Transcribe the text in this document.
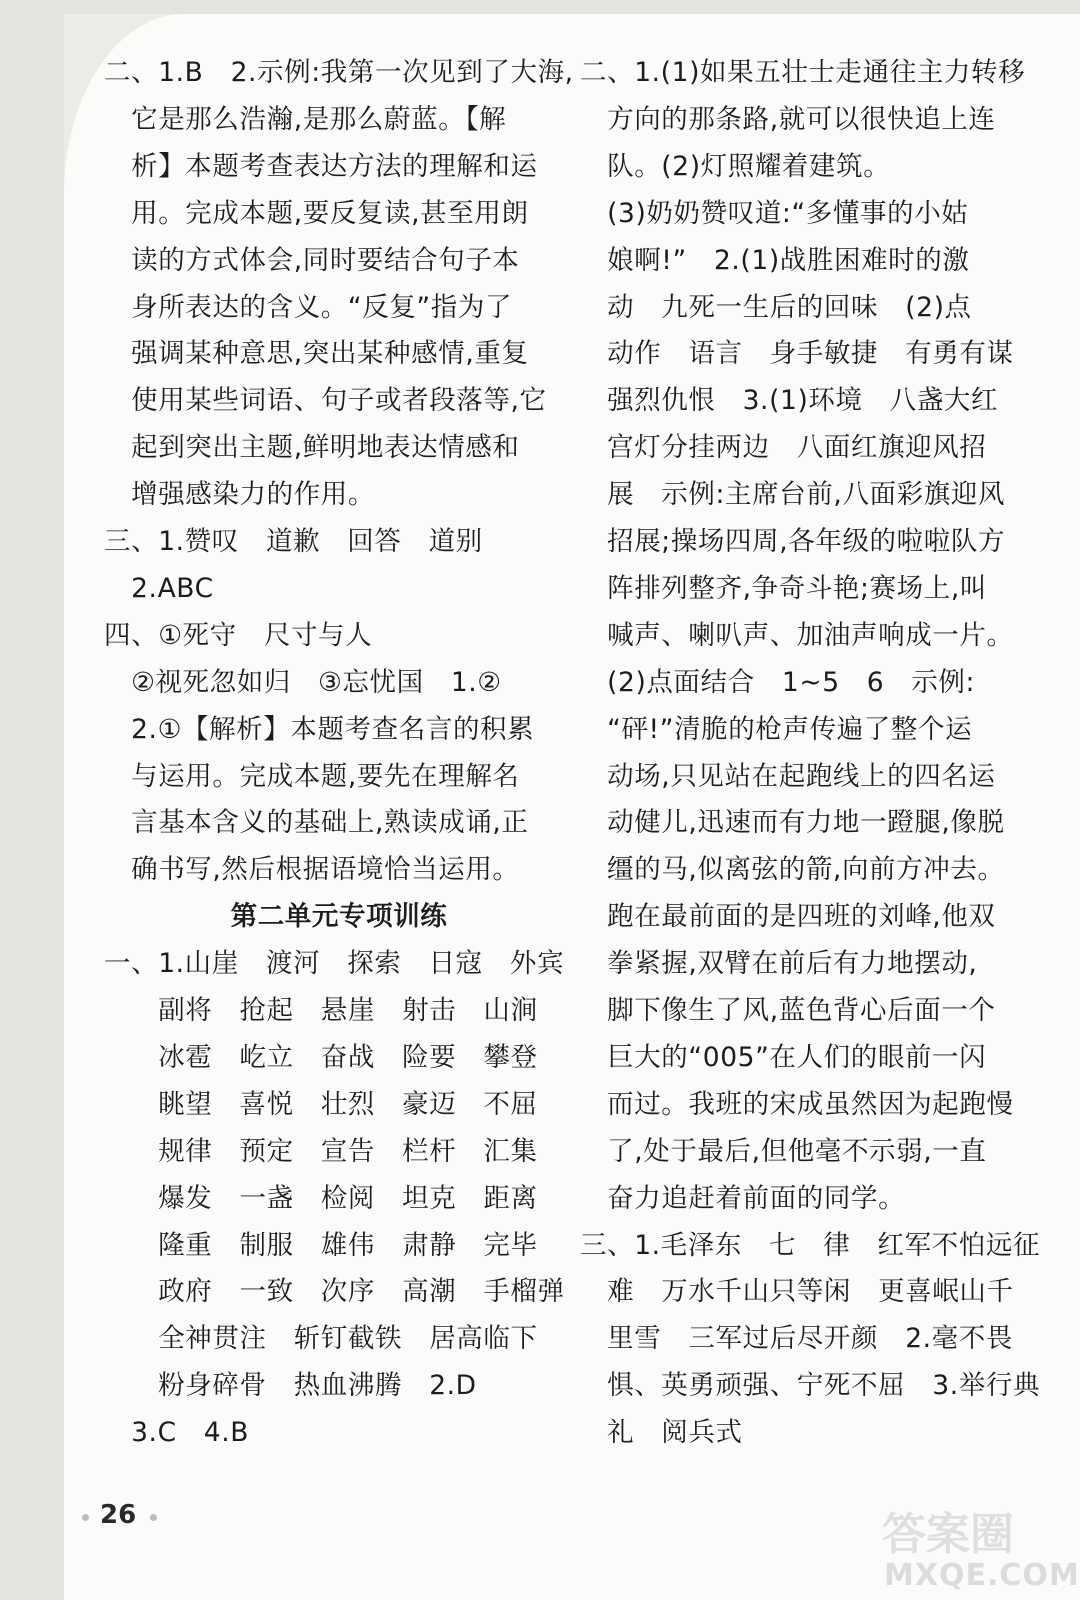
二、1.B　2.示例:我第一次见到了大海,
　它是那么浩瀚,是那么蔚蓝。【解
　析】本题考查表达方法的理解和运
　用。完成本题,要反复读,甚至用朗
　读的方式体会,同时要结合句子本
　身所表达的含义。“反复”指为了
　强调某种意思,突出某种感情,重复
　使用某些词语、句子或者段落等,它
　起到突出主题,鲜明地表达情感和
　增强感染力的作用。
三、1.赞叹　道歉　回答　道别
　2.ABC
四、①死守　尺寸与人
　②视死忽如归　③忘忧国　1.②
　2.①【解析】本题考查名言的积累
　与运用。完成本题,要先在理解名
　言基本含义的基础上,熟读成诵,正
　确书写,然后根据语境恰当运用。
第二单元专项训练
一、1.山崖　渡河　探索　日寇　外宾
　　副将　抢起　悬崖　射击　山涧
　　冰雹　屹立　奋战　险要　攀登
　　眺望　喜悦　壮烈　豪迈　不屈
　　规律　预定　宣告　栏杆　汇集
　　爆发　一盏　检阅　坦克　距离
　　隆重　制服　雄伟　肃静　完毕
　　政府　一致　次序　高潮　手榴弹
　　全神贯注　斩钉截铁　居高临下
　　粉身碎骨　热血沸腾　2.D
　3.C　4.B
二、1.(1)如果五壮士走通往主力转移
　方向的那条路,就可以很快追上连
　队。(2)灯照耀着建筑。
　(3)奶奶赞叹道:“多懂事的小姑
　娘啊!”　2.(1)战胜困难时的激
　动　九死一生后的回味　(2)点
　动作　语言　身手敏捷　有勇有谋
　强烈仇恨　3.(1)环境　八盏大红
　宫灯分挂两边　八面红旗迎风招
　展　示例:主席台前,八面彩旗迎风
　招展;操场四周,各年级的啦啦队方
　阵排列整齐,争奇斗艳;赛场上,叫
　喊声、喇叭声、加油声响成一片。
　(2)点面结合　1~5　6　示例:
　“砰!”清脆的枪声传遍了整个运
　动场,只见站在起跑线上的四名运
　动健儿,迅速而有力地一蹬腿,像脱
　缰的马,似离弦的箭,向前方冲去。
　跑在最前面的是四班的刘峰,他双
　拳紧握,双臂在前后有力地摆动,
　脚下像生了风,蓝色背心后面一个
　巨大的“005”在人们的眼前一闪
　而过。我班的宋成虽然因为起跑慢
　了,处于最后,但他毫不示弱,一直
　奋力追赶着前面的同学。
三、1.毛泽东　七　律　红军不怕远征
　难　万水千山只等闲　更喜岷山千
　里雪　三军过后尽开颜　2.毫不畏
　惧、英勇顽强、宁死不屈　3.举行典
　礼　阅兵式
26	答案圈
MXQE.COM
